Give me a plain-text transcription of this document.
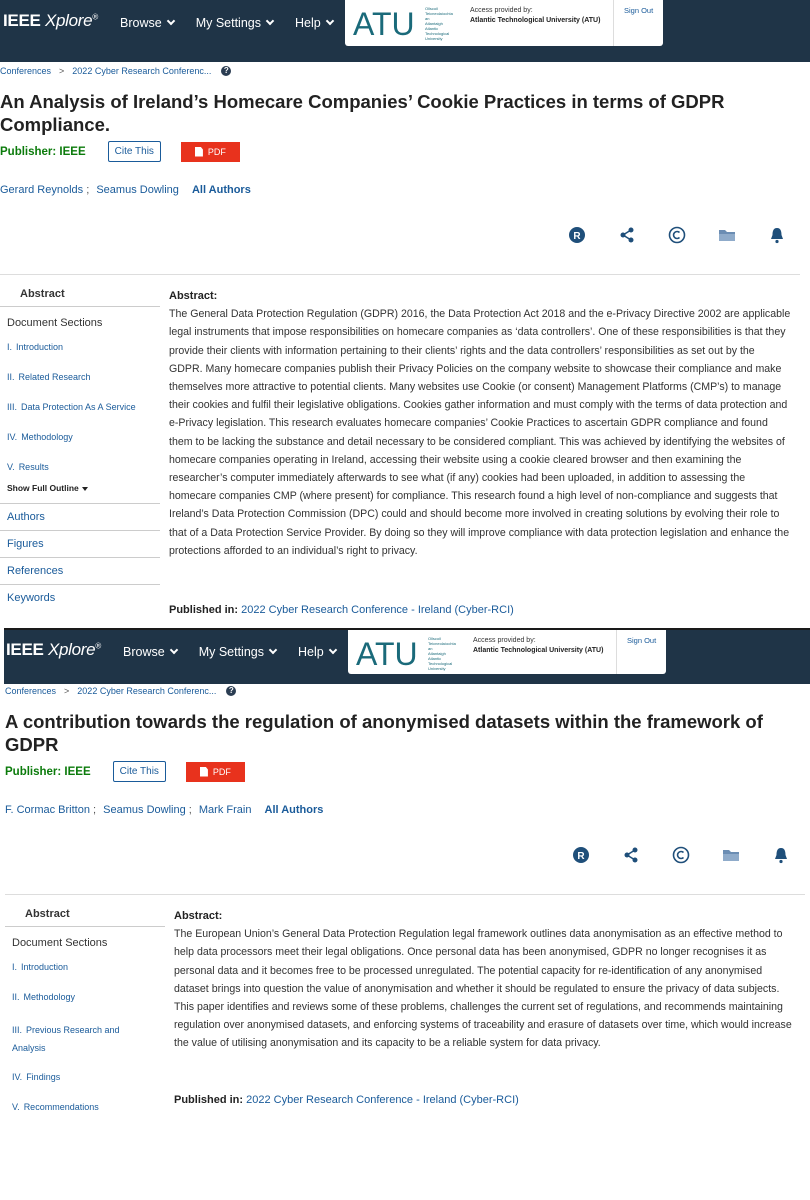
IEEE Xplore® Browse	My Settings	Help ATU	Ollscoil Teicneolaíochta an Atlantaigh Atlantic Technological University
Access provided by:
Atlantic Technological University (ATU)
Sign Out
Conferences > 2022 Cyber Research Conferenc...	?
An Analysis of Ireland’s Homecare Companies’ Cookie Practices in terms of GDPR Compliance.
Publisher: IEEE	Cite This	PDF
Gerard Reynolds ; Seamus Dowling All Authors
R
Abstract
Document Sections
I. Introduction
II. Related Research
III. Data Protection As A Service
IV. Methodology
V. Results
Show Full Outline
Authors
Figures
References
Keywords
Abstract:
The General Data Protection Regulation (GDPR) 2016, the Data Protection Act 2018 and the e-Privacy Directive 2002 are applicable legal instruments that impose responsibilities on homecare companies as ‘data controllers’. One of these responsibilities is that they provide their clients with information pertaining to their clients’ rights and the data controllers’ responsibilities as set out by the GDPR. Many homecare companies publish their Privacy Policies on the company website to showcase their compliance and make themselves more attractive to potential clients. Many websites use Cookie (or consent) Management Platforms (CMP’s) to manage their cookies and fulfil their legislative obligations. Cookies gather information and must comply with the terms of data protection and e-Privacy legislation. This research evaluates homecare companies’ Cookie Practices to ascertain GDPR compliance and found them to be lacking the substance and detail necessary to be considered compliant. This was achieved by identifying the websites of homecare companies operating in Ireland, accessing their website using a cookie cleared browser and then examining the researcher’s computer immediately afterwards to see what (if any) cookies had been uploaded, in addition to assessing the homecare companies CMP (where present) for compliance. This research found a high level of non-compliance and suggests that Ireland’s Data Protection Commission (DPC) could and should become more involved in creating solutions by evolving their role to that of a Data Protection Service Provider. By doing so they will improve compliance with data protection legislation and enhance the protections afforded to an individual’s right to privacy.
Published in: 2022 Cyber Research Conference - Ireland (Cyber-RCI)
IEEE Xplore® Browse	My Settings	Help ATU	Ollscoil Teicneolaíochta an Atlantaigh Atlantic Technological University
Access provided by:
Atlantic Technological University (ATU)
Sign Out
Conferences > 2022 Cyber Research Conferenc...	?
A contribution towards the regulation of anonymised datasets within the framework of GDPR
Publisher: IEEE	Cite This	PDF
F. Cormac Britton ; Seamus Dowling ; Mark Frain All Authors
R
Abstract
Document Sections
I. Introduction
II. Methodology
III. Previous Research and Analysis
IV. Findings
V. Recommendations
Abstract:
The European Union’s General Data Protection Regulation legal framework outlines data anonymisation as an effective method to help data processors meet their legal obligations. Once personal data has been anonymised, GDPR no longer recognises it as personal data and it becomes free to be processed unregulated. The potential capacity for re-identification of any anonymised dataset brings into question the value of anonymisation and whether it should be regulated to ensure the privacy of data subjects. This paper identifies and reviews some of these problems, challenges the current set of regulations, and recommends maintaining regulation over anonymised datasets, and enforcing systems of traceability and erasure of datasets over time, which would increase the value of utilising anonymisation and its capacity to be a reliable system for data privacy.
Published in: 2022 Cyber Research Conference - Ireland (Cyber-RCI)
